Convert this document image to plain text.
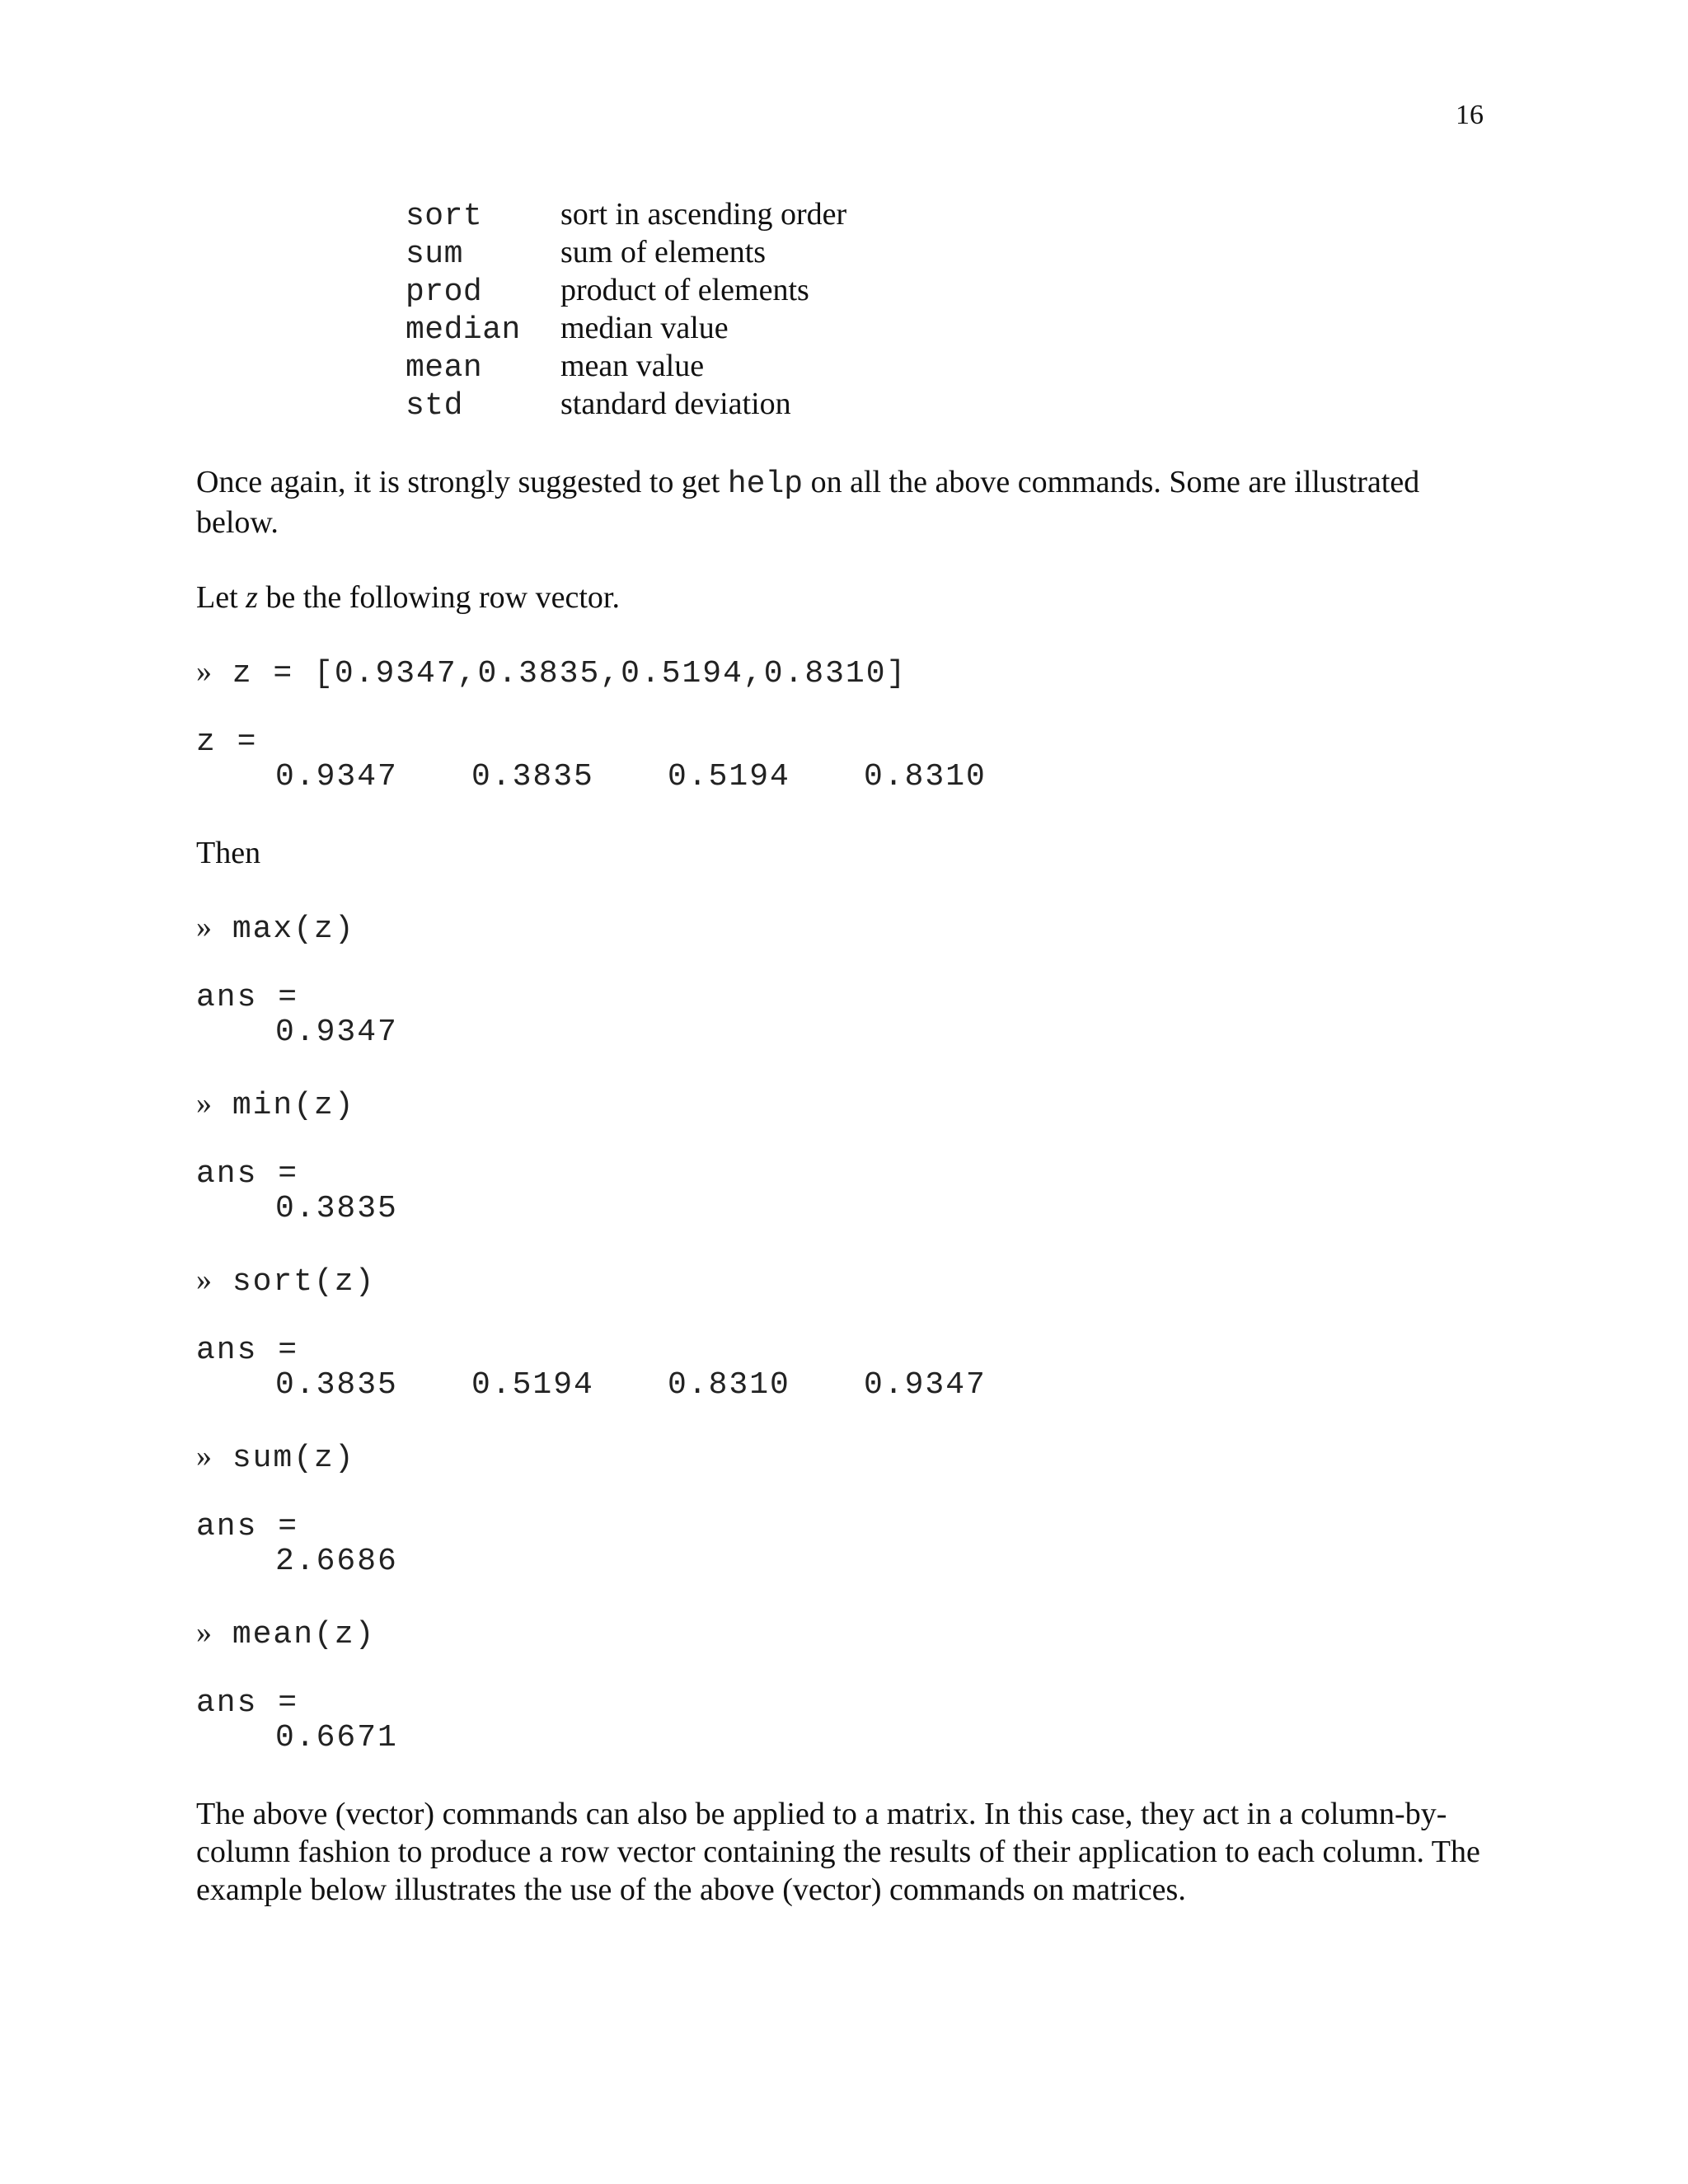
16
sort	sort in ascending order
sum	sum of elements
prod	product of elements
median	median value
mean	mean value
std	standard deviation

Once again, it is strongly suggested to get help on all the above commands. Some are illustrated below.

Let z be the following row vector.

» z = [0.9347,0.3835,0.5194,0.8310]
z =
0.9347 0.3835 0.5194 0.8310

Then

» max(z)
ans =
0.9347
» min(z)
ans =
0.3835
» sort(z)
ans =
0.3835 0.5194 0.8310 0.9347
» sum(z)
ans =
2.6686
» mean(z)
ans =
0.6671

The above (vector) commands can also be applied to a matrix. In this case, they act in a column-by-column fashion to produce a row vector containing the results of their application to each column. The example below illustrates the use of the above (vector) commands on matrices.
